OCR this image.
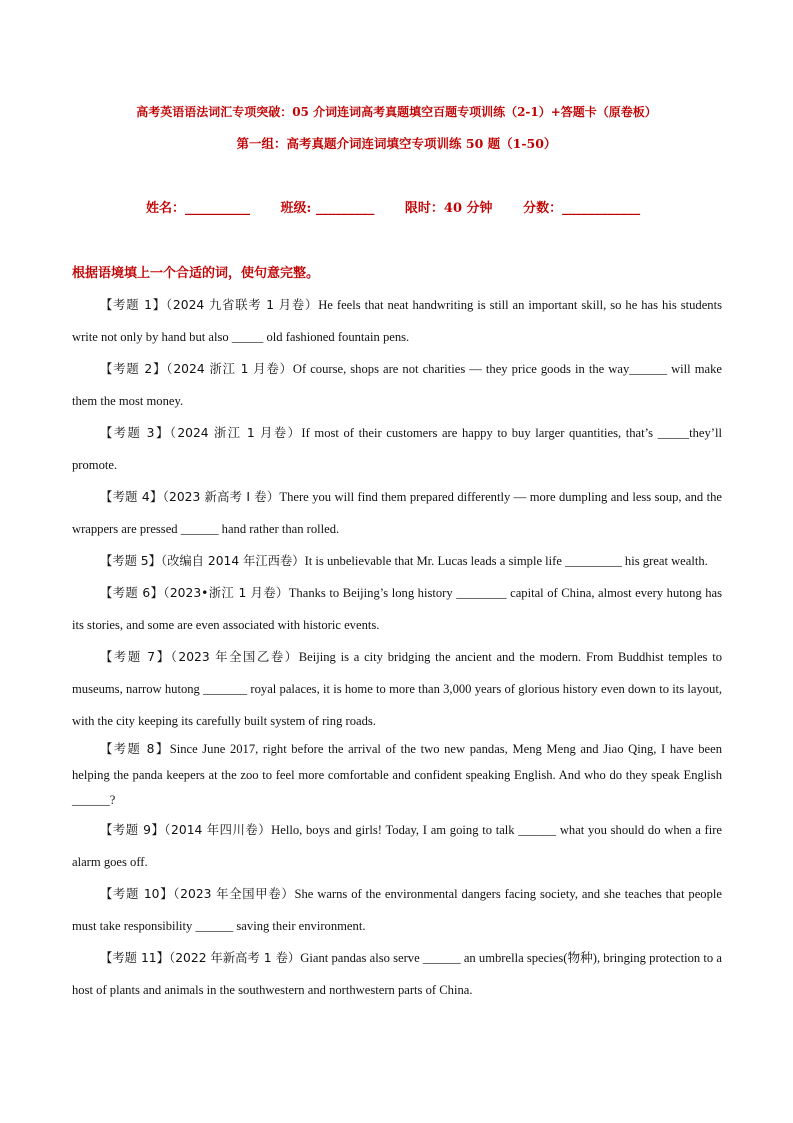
高考英语语法词汇专项突破：05 介词连词高考真题填空百题专项训练（2-1）+答题卡（原卷板）
第一组：高考真题介词连词填空专项训练 50 题（1-50）
姓名：__________ 班级: _________ 限时：40 分钟 分数：____________
根据语境填上一个合适的词，使句意完整。

【考题 1】（2024 九省联考 1 月卷）He feels that neat handwriting is still an important skill, so he has his students write not only by hand but also _____ old fashioned fountain pens.

【考题 2】（2024 浙江 1 月卷）Of course, shops are not charities — they price goods in the way______ will make them the most money.

【考题 3】（2024 浙江 1 月卷）If most of their customers are happy to buy larger quantities, that’s _____they’ll promote.

【考题 4】（2023 新高考 I 卷）There you will find them prepared differently — more dumpling and less soup, and the wrappers are pressed ______ hand rather than rolled.

【考题 5】（改编自 2014 年江西卷）It is unbelievable that Mr. Lucas leads a simple life _________ his great wealth.

【考题 6】（2023•浙江 1 月卷）Thanks to Beijing’s long history ________ capital of China, almost every hutong has its stories, and some are even associated with historic events.

【考题 7】（2023 年全国乙卷）Beijing is a city bridging the ancient and the modern. From Buddhist temples to museums, narrow hutong _______ royal palaces, it is home to more than 3,000 years of glorious history even down to its layout, with the city keeping its carefully built system of ring roads.

【考题 8】Since June 2017, right before the arrival of the two new pandas, Meng Meng and Jiao Qing, I have been helping the panda keepers at the zoo to feel more comfortable and confident speaking English. And who do they speak English ______?

【考题 9】（2014 年四川卷）Hello, boys and girls! Today, I am going to talk ______ what you should do when a fire alarm goes off.

【考题 10】（2023 年全国甲卷）She warns of the environmental dangers facing society, and she teaches that people must take responsibility ______ saving their environment.

【考题 11】（2022 年新高考 1 卷）Giant pandas also serve ______ an umbrella species(物种), bringing protection to a host of plants and animals in the southwestern and northwestern parts of China.
